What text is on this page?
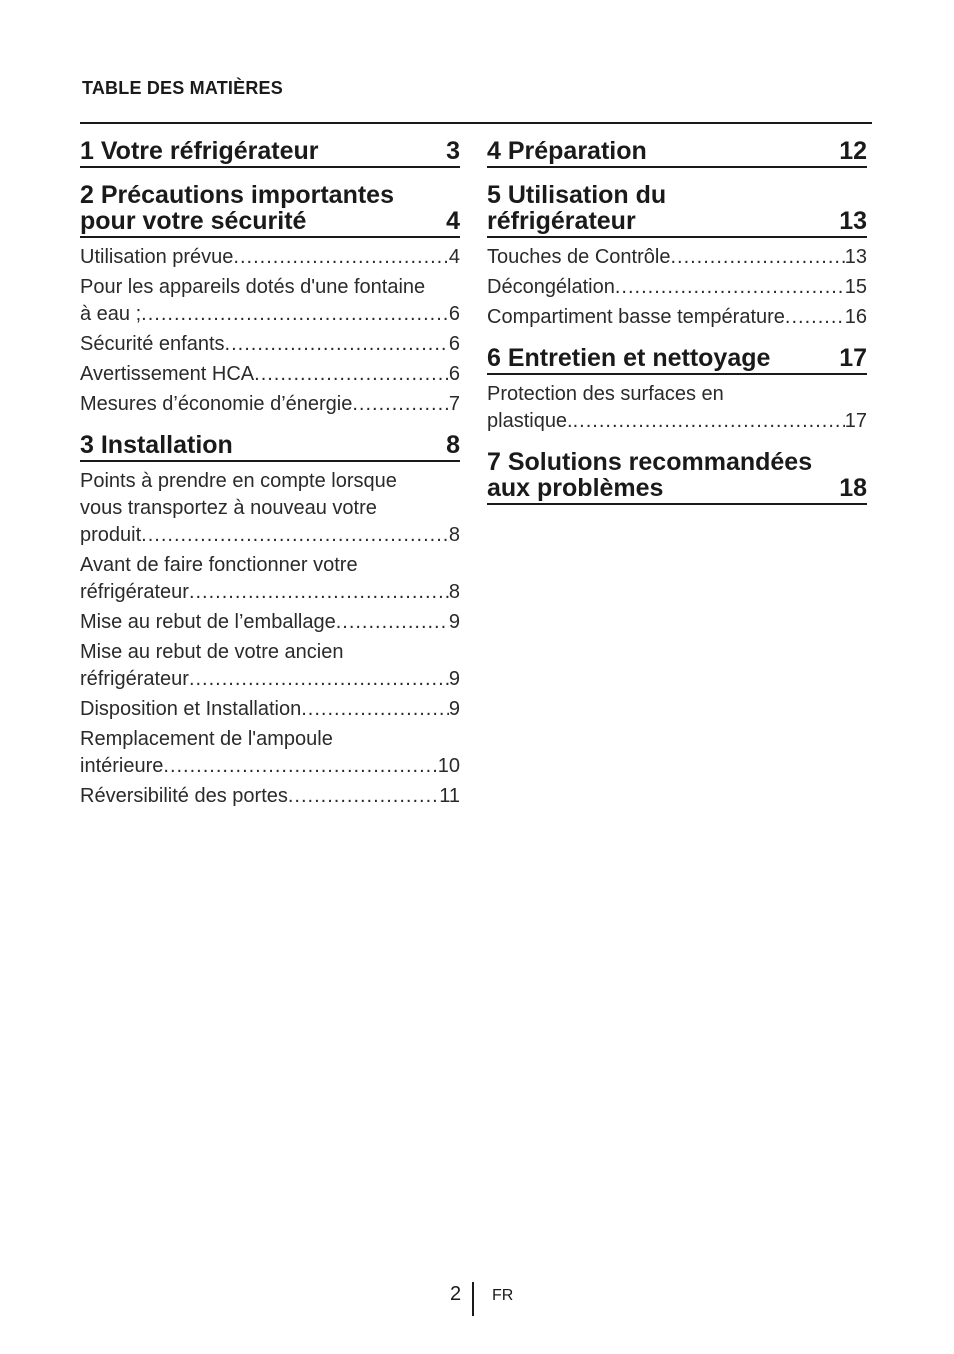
TABLE DES MATIÈRES
1 Votre réfrigérateur	3
2 Précautions importantes
pour votre sécurité	4
Utilisation prévue .....	4
Pour les appareils dotés d'une fontaine
à eau ; .....	6
Sécurité enfants .....	6
Avertissement HCA .....	6
Mesures d’économie d’énergie .....	7
3 Installation	8
Points à prendre en compte lorsque
vous transportez à nouveau votre
produit .....	8
Avant de faire fonctionner votre
réfrigérateur .....	8
Mise au rebut de l’emballage .....	9
Mise au rebut de votre ancien
réfrigérateur .....	9
Disposition et Installation .....	9
Remplacement de l'ampoule
intérieure .....	10
Réversibilité des portes .....	11
4 Préparation	12
5 Utilisation du
réfrigérateur	13
Touches de Contrôle .....	13
Décongélation .....	15
Compartiment basse température .....	16
6 Entretien et nettoyage	17
Protection des surfaces en
plastique. .....	17
7 Solutions recommandées
aux problèmes	18
2 FR
